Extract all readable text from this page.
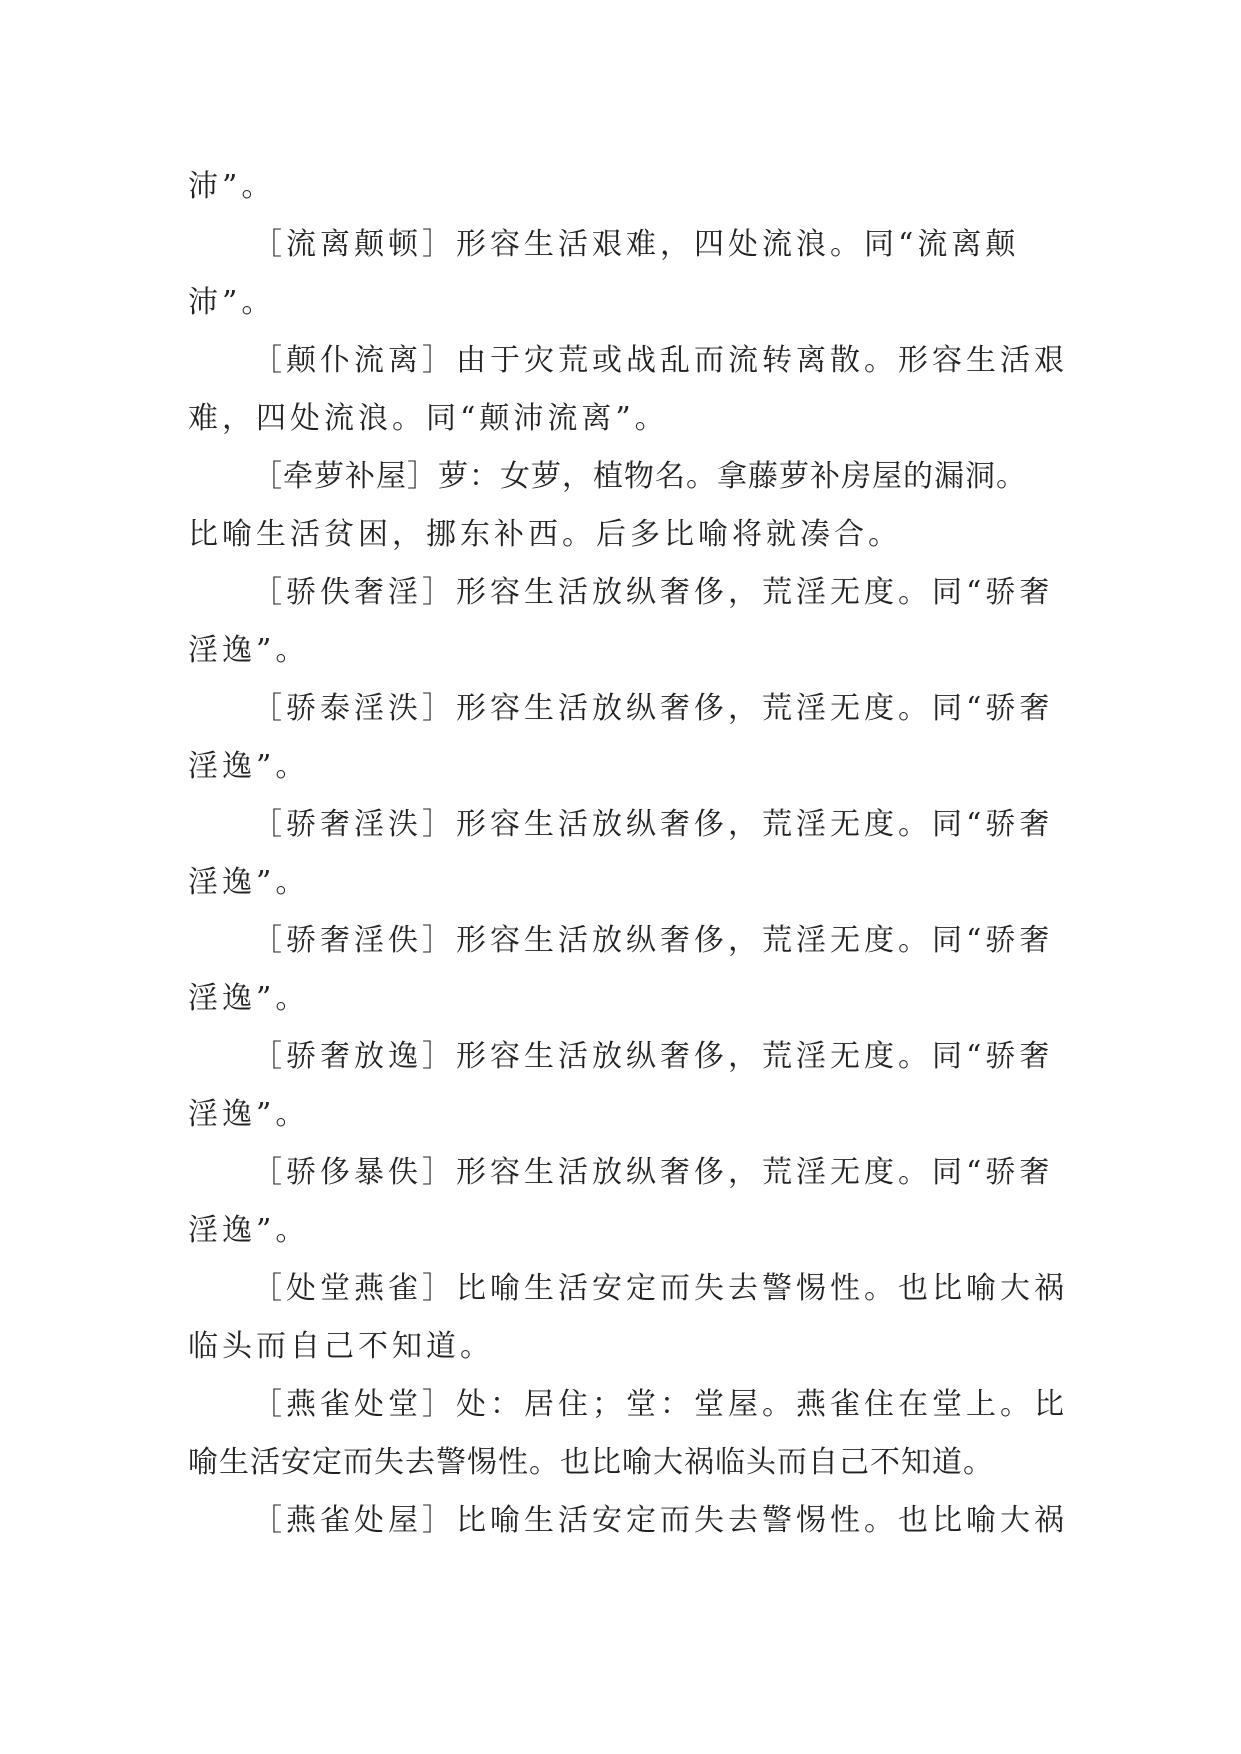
沛”。
［流离颠顿］形容生活艰难，四处流浪。同“流离颠
沛”。
［颠仆流离］由于灾荒或战乱而流转离散。形容生活艰
难，四处流浪。同“颠沛流离”。
［牵萝补屋］萝：女萝，植物名。拿藤萝补房屋的漏洞。
比喻生活贫困，挪东补西。后多比喻将就凑合。
［骄佚奢淫］形容生活放纵奢侈，荒淫无度。同“骄奢
淫逸”。
［骄泰淫泆］形容生活放纵奢侈，荒淫无度。同“骄奢
淫逸”。
［骄奢淫泆］形容生活放纵奢侈，荒淫无度。同“骄奢
淫逸”。
［骄奢淫佚］形容生活放纵奢侈，荒淫无度。同“骄奢
淫逸”。
［骄奢放逸］形容生活放纵奢侈，荒淫无度。同“骄奢
淫逸”。
［骄侈暴佚］形容生活放纵奢侈，荒淫无度。同“骄奢
淫逸”。
［处堂燕雀］比喻生活安定而失去警惕性。也比喻大祸
临头而自己不知道。
［燕雀处堂］处：居住；堂：堂屋。燕雀住在堂上。比
喻生活安定而失去警惕性。也比喻大祸临头而自己不知道。
［燕雀处屋］比喻生活安定而失去警惕性。也比喻大祸
